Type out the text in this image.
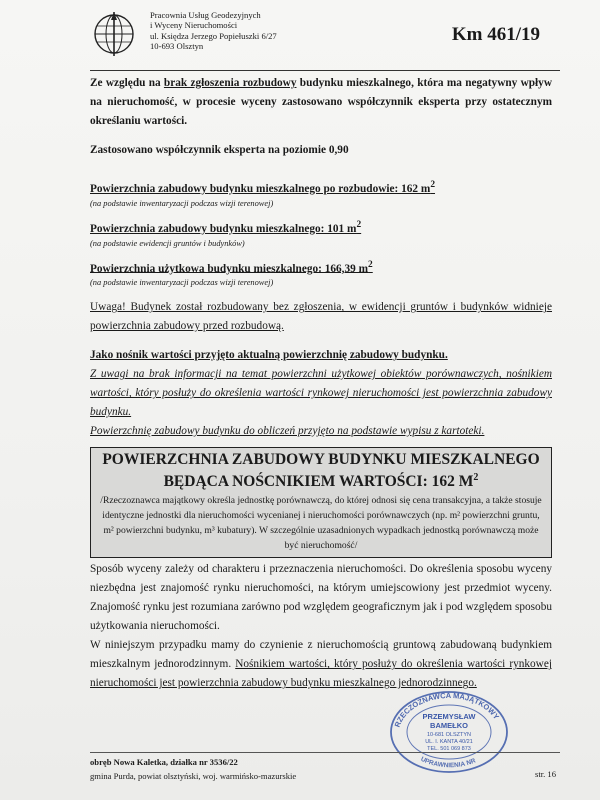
Pracownia Usług Geodezyjnych
i Wyceny Nieruchomości
ul. Księdza Jerzego Popiełuszki 6/27
10-693 Olsztyn
Km 461/19

Ze względu na brak zgłoszenia rozbudowy budynku mieszkalnego, która ma negatywny wpływ na nieruchomość, w procesie wyceny zastosowano współczynnik eksperta przy ostatecznym określaniu wartości.

Zastosowano współczynnik eksperta na poziomie 0,90

Powierzchnia zabudowy budynku mieszkalnego po rozbudowie: 162 $m^2$

(na podstawie inwentaryzacji podczas wizji terenowej)

Powierzchnia zabudowy budynku mieszkalnego: 101 $m^2$

(na podstawie ewidencji gruntów i budynków)

Powierzchnia użytkowa budynku mieszkalnego: 166,39 $m^2$

(na podstawie inwentaryzacji podczas wizji terenowej)

Uwaga! Budynek został rozbudowany bez zgłoszenia, w ewidencji gruntów i budynków widnieje powierzchnia zabudowy przed rozbudową.

Jako nośnik wartości przyjęto aktualną powierzchnię zabudowy budynku.

Z uwagi na brak informacji na temat powierzchni użytkowej obiektów porównawczych, nośnikiem wartości, który posłuży do określenia wartości rynkowej nieruchomości jest powierzchnia zabudowy budynku.

Powierzchnię zabudowy budynku do obliczeń przyjęto na podstawie wypisu z kartoteki.

POWIERZCHNIA ZABUDOWY BUDYNKU MIESZKALNEGO
BĘDĄCA NOŚCNIKIEM WARTOŚCI: 162 $M^2$
/Rzeczoznawca majątkowy określa jednostkę porównawczą, do której odnosi się cena transakcyjna, a także stosuje identyczne jednostki dla nieruchomości wycenianej i nieruchomości porównawczych (np. m² powierzchni gruntu, m² powierzchni budynku, m³ kubatury). W szczególnie uzasadnionych wypadkach jednostką porównawczą może być nieruchomość/

Sposób wyceny zależy od charakteru i przeznaczenia nieruchomości. Do określenia sposobu wyceny niezbędna jest znajomość rynku nieruchomości, na którym umiejscowiony jest przedmiot wyceny. Znajomość rynku jest rozumiana zarówno pod względem geograficznym jak i pod względem sposobu użytkowania nieruchomości.

W niniejszym przypadku mamy do czynienie z nieruchomością gruntową zabudowaną budynkiem mieszkalnym jednorodzinnym. Nośnikiem wartości, który posłuży do określenia wartości rynkowej nieruchomości jest powierzchnia zabudowy budynku mieszkalnego jednorodzinnego.

RZECZOZNAWCA MAJĄTKOWY
UPRAWNIENIA NR
PRZEMYSŁAW
BAMEŁKO
10-681 OLSZTYN
UL. I. KANTA 40/21
TEL. 501 069 873
obręb Nowa Kaletka, działka nr 3536/22
gmina Purda, powiat olsztyński, woj. warmińsko-mazurskie	str. 16
